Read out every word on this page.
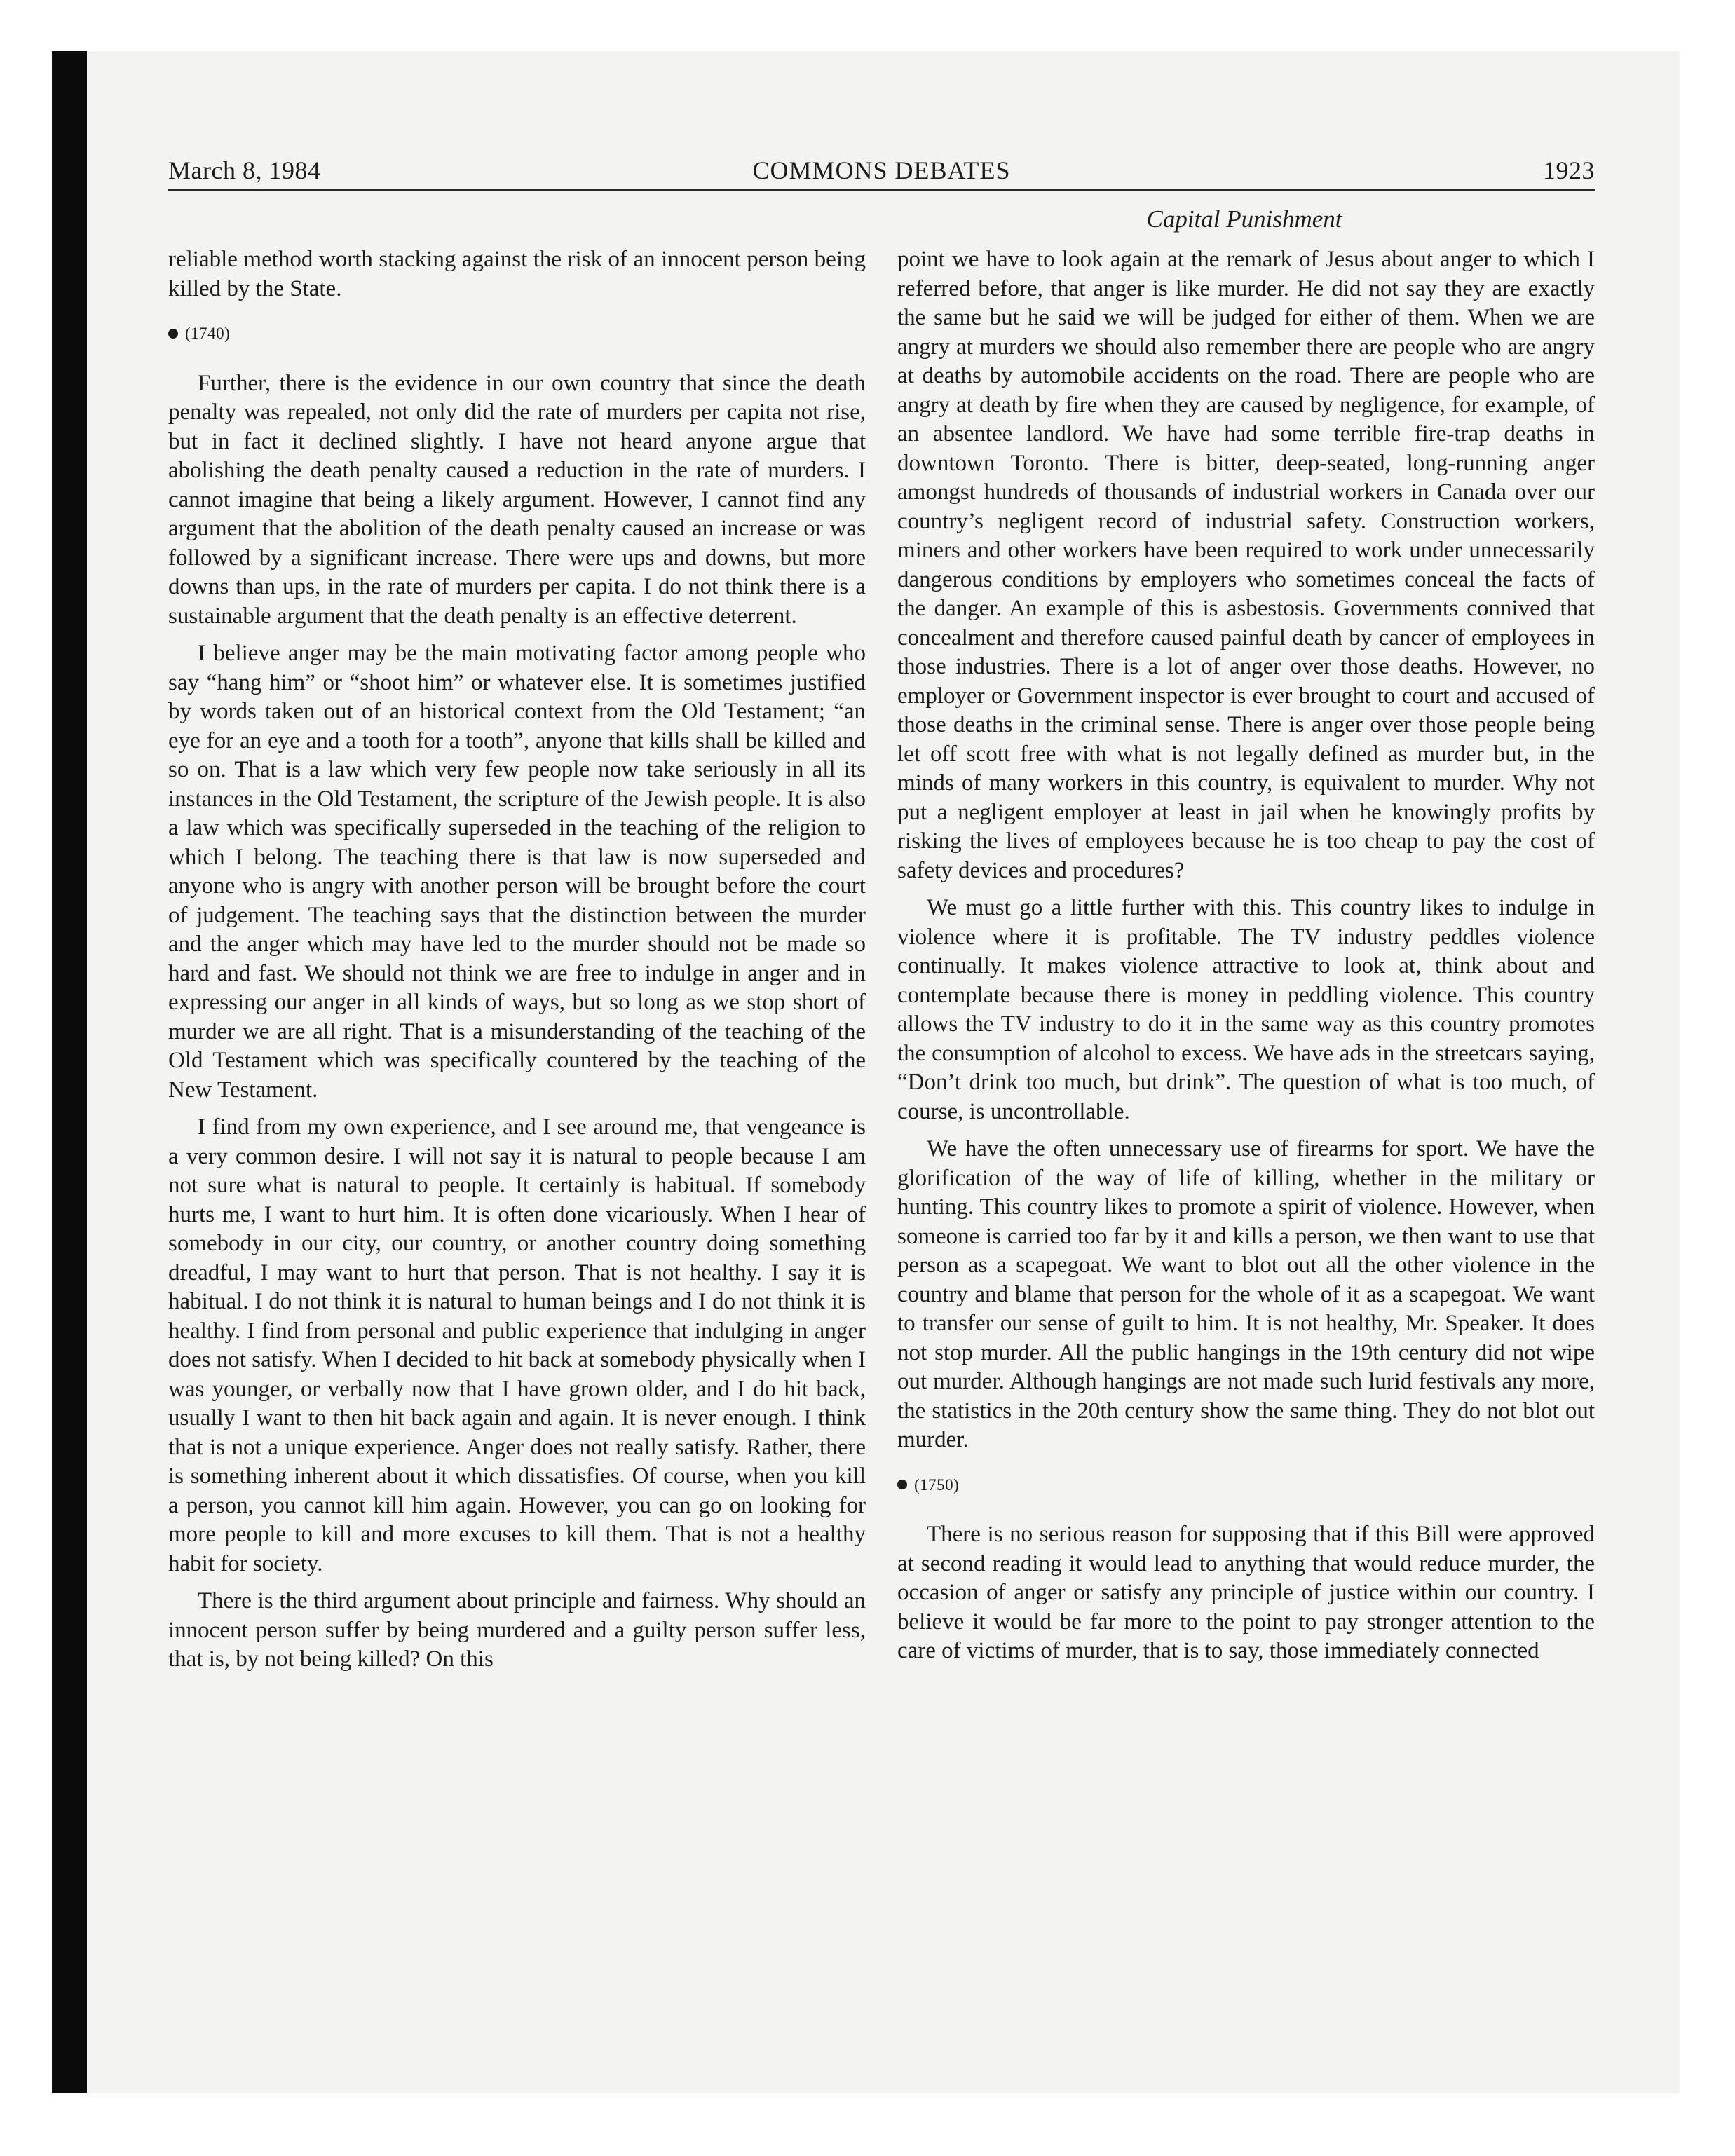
March 8, 1984	COMMONS DEBATES	1923
Capital Punishment

reliable method worth stacking against the risk of an innocent person being killed by the State.

(1740)

Further, there is the evidence in our own country that since the death penalty was repealed, not only did the rate of murders per capita not rise, but in fact it declined slightly. I have not heard anyone argue that abolishing the death penalty caused a reduction in the rate of murders. I cannot imagine that being a likely argument. However, I cannot find any argument that the abolition of the death penalty caused an increase or was followed by a significant increase. There were ups and downs, but more downs than ups, in the rate of murders per capita. I do not think there is a sustainable argument that the death penalty is an effective deterrent.

I believe anger may be the main motivating factor among people who say “hang him” or “shoot him” or whatever else. It is sometimes justified by words taken out of an historical context from the Old Testament; “an eye for an eye and a tooth for a tooth”, anyone that kills shall be killed and so on. That is a law which very few people now take seriously in all its instances in the Old Testament, the scripture of the Jewish people. It is also a law which was specifically superseded in the teaching of the religion to which I belong. The teaching there is that law is now superseded and anyone who is angry with another person will be brought before the court of judgement. The teaching says that the distinction between the murder and the anger which may have led to the murder should not be made so hard and fast. We should not think we are free to indulge in anger and in expressing our anger in all kinds of ways, but so long as we stop short of murder we are all right. That is a misunderstanding of the teaching of the Old Testament which was specifically countered by the teaching of the New Testament.

I find from my own experience, and I see around me, that vengeance is a very common desire. I will not say it is natural to people because I am not sure what is natural to people. It certainly is habitual. If somebody hurts me, I want to hurt him. It is often done vicariously. When I hear of somebody in our city, our country, or another country doing something dreadful, I may want to hurt that person. That is not healthy. I say it is habitual. I do not think it is natural to human beings and I do not think it is healthy. I find from personal and public experience that indulging in anger does not satisfy. When I decided to hit back at somebody physically when I was younger, or verbally now that I have grown older, and I do hit back, usually I want to then hit back again and again. It is never enough. I think that is not a unique experience. Anger does not really satisfy. Rather, there is something inherent about it which dissatisfies. Of course, when you kill a person, you cannot kill him again. However, you can go on looking for more people to kill and more excuses to kill them. That is not a healthy habit for society.

There is the third argument about principle and fairness. Why should an innocent person suffer by being murdered and a guilty person suffer less, that is, by not being killed? On this

point we have to look again at the remark of Jesus about anger to which I referred before, that anger is like murder. He did not say they are exactly the same but he said we will be judged for either of them. When we are angry at murders we should also remember there are people who are angry at deaths by automobile accidents on the road. There are people who are angry at death by fire when they are caused by negligence, for example, of an absentee landlord. We have had some terrible fire-trap deaths in downtown Toronto. There is bitter, deep-seated, long-running anger amongst hundreds of thousands of industrial workers in Canada over our country’s negligent record of industrial safety. Construction workers, miners and other workers have been required to work under unnecessarily dangerous conditions by employers who sometimes conceal the facts of the danger. An example of this is asbestosis. Governments connived that concealment and therefore caused painful death by cancer of employees in those industries. There is a lot of anger over those deaths. However, no employer or Government inspector is ever brought to court and accused of those deaths in the criminal sense. There is anger over those people being let off scott free with what is not legally defined as murder but, in the minds of many workers in this country, is equivalent to murder. Why not put a negligent employer at least in jail when he knowingly profits by risking the lives of employees because he is too cheap to pay the cost of safety devices and procedures?

We must go a little further with this. This country likes to indulge in violence where it is profitable. The TV industry peddles violence continually. It makes violence attractive to look at, think about and contemplate because there is money in peddling violence. This country allows the TV industry to do it in the same way as this country promotes the consumption of alcohol to excess. We have ads in the streetcars saying, “Don’t drink too much, but drink”. The question of what is too much, of course, is uncontrollable.

We have the often unnecessary use of firearms for sport. We have the glorification of the way of life of killing, whether in the military or hunting. This country likes to promote a spirit of violence. However, when someone is carried too far by it and kills a person, we then want to use that person as a scapegoat. We want to blot out all the other violence in the country and blame that person for the whole of it as a scapegoat. We want to transfer our sense of guilt to him. It is not healthy, Mr. Speaker. It does not stop murder. All the public hangings in the 19th century did not wipe out murder. Although hangings are not made such lurid festivals any more, the statistics in the 20th century show the same thing. They do not blot out murder.

(1750)

There is no serious reason for supposing that if this Bill were approved at second reading it would lead to anything that would reduce murder, the occasion of anger or satisfy any principle of justice within our country. I believe it would be far more to the point to pay stronger attention to the care of victims of murder, that is to say, those immediately connected
